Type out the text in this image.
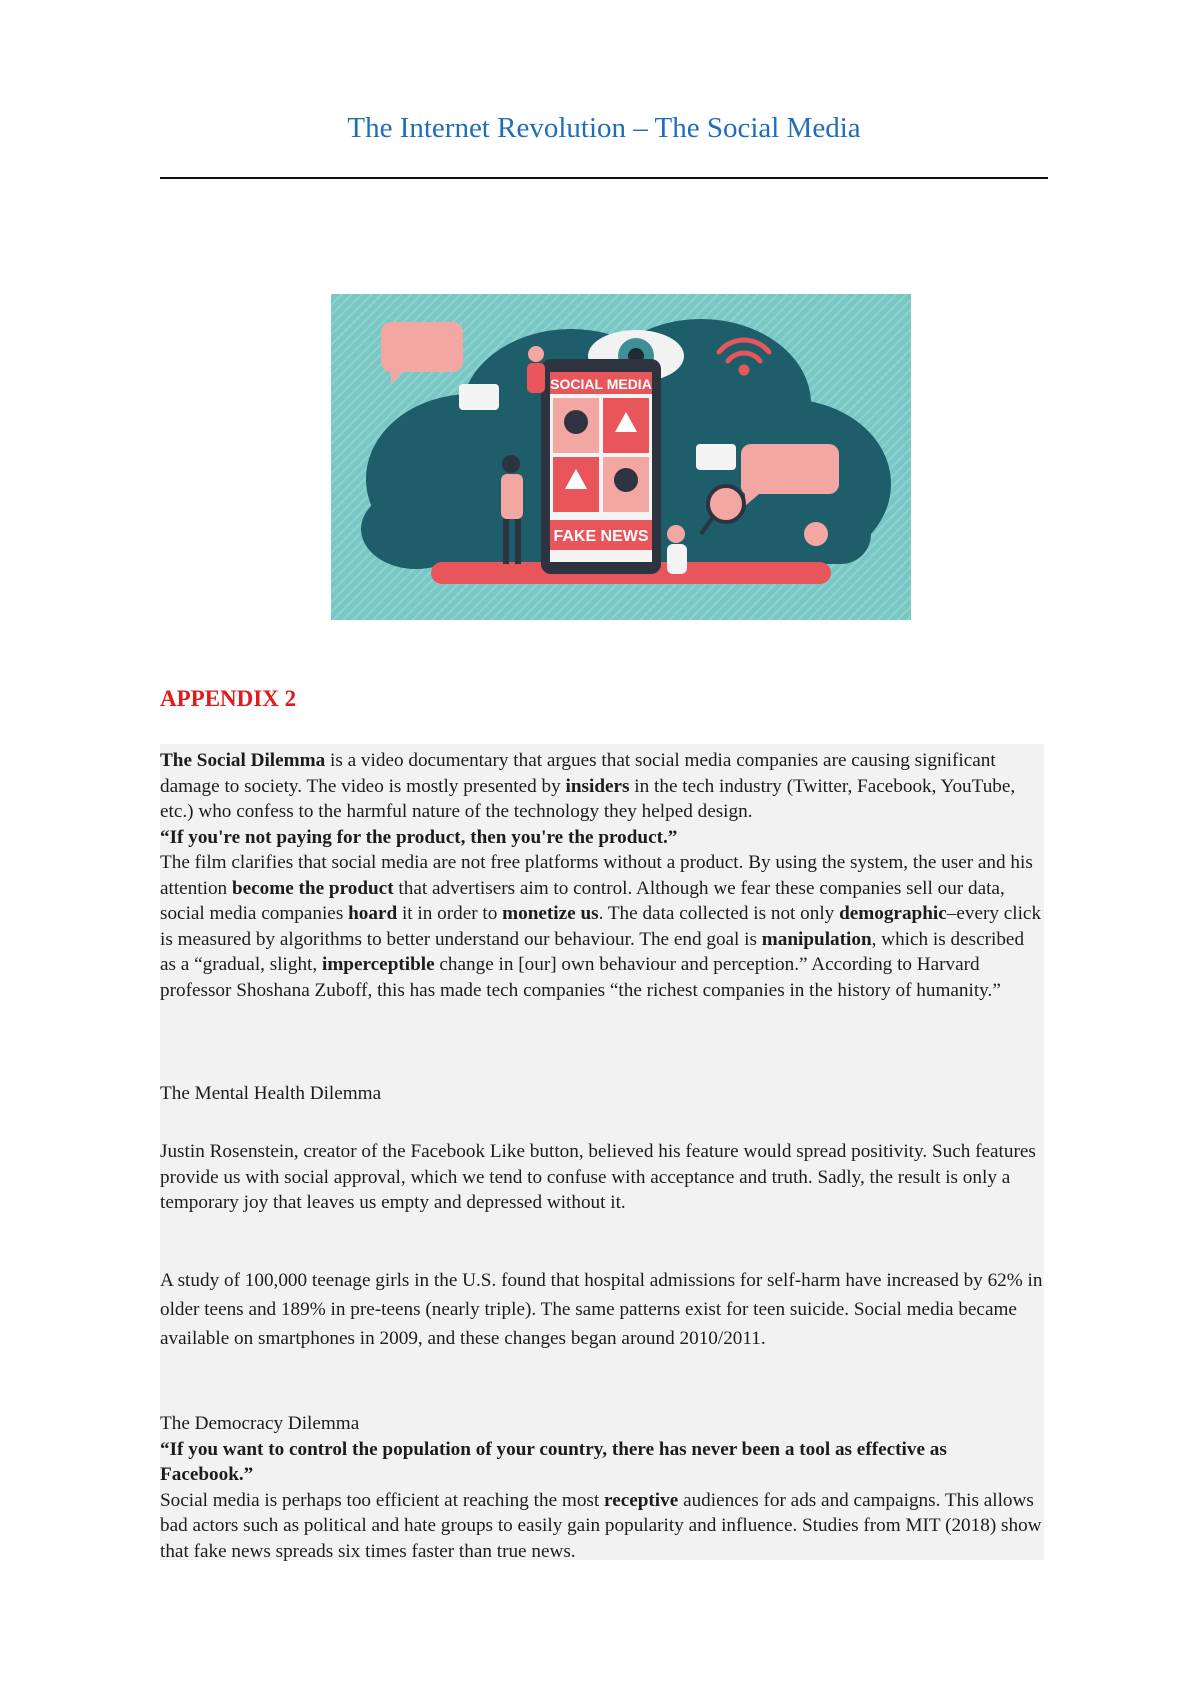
The Internet Revolution – The Social Media
SOCIAL MEDIA
FAKE NEWS
APPENDIX 2

The Social Dilemma is a video documentary that argues that social media companies are causing significant damage to society. The video is mostly presented by insiders in the tech industry (Twitter, Facebook, YouTube, etc.) who confess to the harmful nature of the technology they helped design.

“If you're not paying for the product, then you're the product.”

The film clarifies that social media are not free platforms without a product. By using the system, the user and his attention become the product that advertisers aim to control. Although we fear these companies sell our data, social media companies hoard it in order to monetize us. The data collected is not only demographic–every click is measured by algorithms to better understand our behaviour. The end goal is manipulation, which is described as a “gradual, slight, imperceptible change in [our] own behaviour and perception.” According to Harvard professor Shoshana Zuboff, this has made tech companies “the richest companies in the history of humanity.”

The Mental Health Dilemma
Justin Rosenstein, creator of the Facebook Like button, believed his feature would spread positivity. Such features provide us with social approval, which we tend to confuse with acceptance and truth. Sadly, the result is only a temporary joy that leaves us empty and depressed without it.
A study of 100,000 teenage girls in the U.S. found that hospital admissions for self-harm have increased by 62% in older teens and 189% in pre-teens (nearly triple). The same patterns exist for teen suicide. Social media became available on smartphones in 2009, and these changes began around 2010/2011.

The Democracy Dilemma

“If you want to control the population of your country, there has never been a tool as effective as Facebook.”

Social media is perhaps too efficient at reaching the most receptive audiences for ads and campaigns. This allows bad actors such as political and hate groups to easily gain popularity and influence. Studies from MIT (2018) show that fake news spreads six times faster than true news.
